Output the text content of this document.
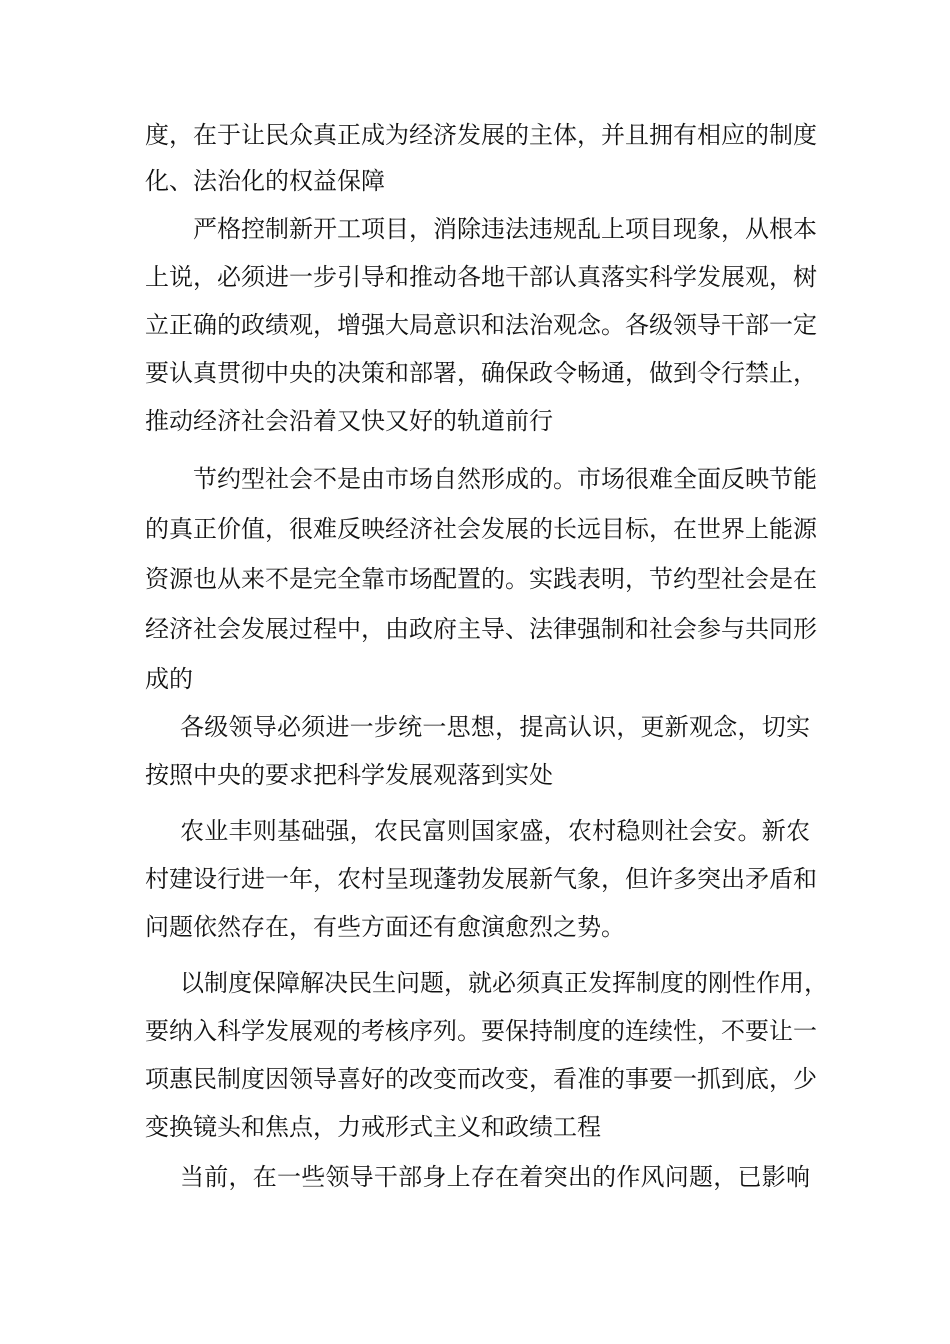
度，在于让民众真正成为经济发展的主体，并且拥有相应的制度
化、法治化的权益保障
严格控制新开工项目，消除违法违规乱上项目现象，从根本
上说，必须进一步引导和推动各地干部认真落实科学发展观，树
立正确的政绩观，增强大局意识和法治观念。各级领导干部一定
要认真贯彻中央的决策和部署，确保政令畅通，做到令行禁止，
推动经济社会沿着又快又好的轨道前行
节约型社会不是由市场自然形成的。市场很难全面反映节能
的真正价值，很难反映经济社会发展的长远目标，在世界上能源
资源也从来不是完全靠市场配置的。实践表明，节约型社会是在
经济社会发展过程中，由政府主导、法律强制和社会参与共同形
成的
各级领导必须进一步统一思想，提高认识，更新观念，切实
按照中央的要求把科学发展观落到实处
农业丰则基础强，农民富则国家盛，农村稳则社会安。新农
村建设行进一年，农村呈现蓬勃发展新气象，但许多突出矛盾和
问题依然存在，有些方面还有愈演愈烈之势。
以制度保障解决民生问题，就必须真正发挥制度的刚性作用，
要纳入科学发展观的考核序列。要保持制度的连续性，不要让一
项惠民制度因领导喜好的改变而改变，看准的事要一抓到底，少
变换镜头和焦点，力戒形式主义和政绩工程
当前，在一些领导干部身上存在着突出的作风问题，已影响
